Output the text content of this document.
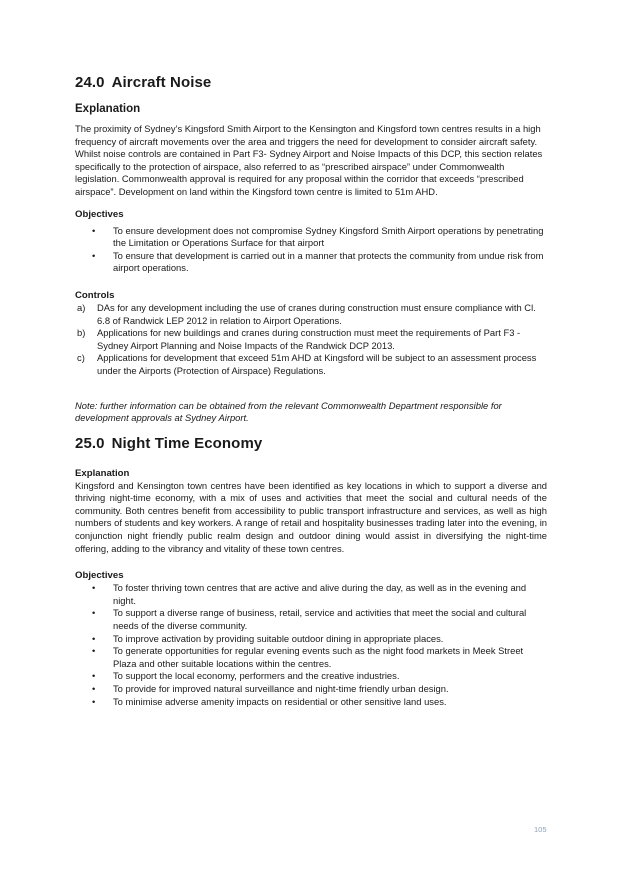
24.0 Aircraft Noise
Explanation

The proximity of Sydney’s Kingsford Smith Airport to the Kensington and Kingsford town centres results in a high frequency of aircraft movements over the area and triggers the need for development to consider aircraft safety. Whilst noise controls are contained in Part F3- Sydney Airport and Noise Impacts of this DCP, this section relates specifically to the protection of airspace, also referred to as “prescribed airspace” under Commonwealth legislation. Commonwealth approval is required for any proposal within the corridor that exceeds “prescribed airspace”. Development on land within the Kingsford town centre is limited to 51m AHD.

Objectives
• To ensure development does not compromise Sydney Kingsford Smith Airport operations by penetrating the Limitation or Operations Surface for that airport
• To ensure that development is carried out in a manner that protects the community from undue risk from airport operations.
Controls
a) DAs for any development including the use of cranes during construction must ensure compliance with Cl. 6.8 of Randwick LEP 2012 in relation to Airport Operations.
b) Applications for new buildings and cranes during construction must meet the requirements of Part F3 - Sydney Airport Planning and Noise Impacts of the Randwick DCP 2013.
c) Applications for development that exceed 51m AHD at Kingsford will be subject to an assessment process under the Airports (Protection of Airspace) Regulations.

Note: further information can be obtained from the relevant Commonwealth Department responsible for development approvals at Sydney Airport.

25.0 Night Time Economy
Explanation

Kingsford and Kensington town centres have been identified as key locations in which to support a diverse and thriving night-time economy, with a mix of uses and activities that meet the social and cultural needs of the community. Both centres benefit from accessibility to public transport infrastructure and services, as well as high numbers of students and key workers. A range of retail and hospitality businesses trading later into the evening, in conjunction night friendly public realm design and outdoor dining would assist in diversifying the night-time offering, adding to the vibrancy and vitality of these town centres.

Objectives
• To foster thriving town centres that are active and alive during the day, as well as in the evening and night.
• To support a diverse range of business, retail, service and activities that meet the social and cultural needs of the diverse community.
• To improve activation by providing suitable outdoor dining in appropriate places.
• To generate opportunities for regular evening events such as the night food markets in Meek Street Plaza and other suitable locations within the centres.
• To support the local economy, performers and the creative industries.
• To provide for improved natural surveillance and night-time friendly urban design.
• To minimise adverse amenity impacts on residential or other sensitive land uses.
105
